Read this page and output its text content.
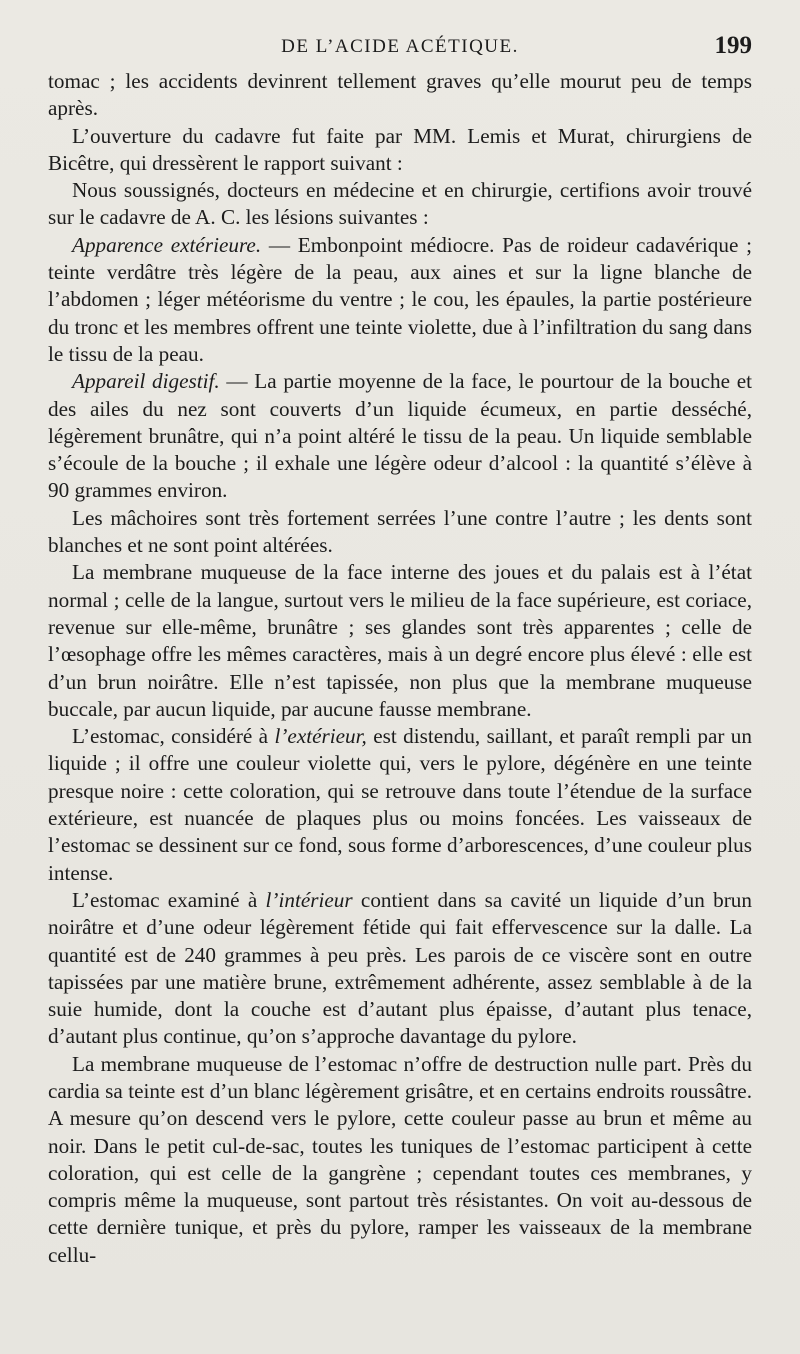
DE L’ACIDE ACÉTIQUE.	199

tomac ; les accidents devinrent tellement graves qu’elle mourut peu de temps après.

L’ouverture du cadavre fut faite par MM. Lemis et Murat, chirurgiens de Bicêtre, qui dressèrent le rapport suivant :

Nous soussignés, docteurs en médecine et en chirurgie, certifions avoir trouvé sur le cadavre de A. C. les lésions suivantes :

Apparence extérieure. — Embonpoint médiocre. Pas de roideur cadavérique ; teinte verdâtre très légère de la peau, aux aines et sur la ligne blanche de l’abdomen ; léger météorisme du ventre ; le cou, les épaules, la partie postérieure du tronc et les membres offrent une teinte violette, due à l’infiltration du sang dans le tissu de la peau.

Appareil digestif. — La partie moyenne de la face, le pourtour de la bouche et des ailes du nez sont couverts d’un liquide écumeux, en partie desséché, légèrement brunâtre, qui n’a point altéré le tissu de la peau. Un liquide semblable s’écoule de la bouche ; il exhale une légère odeur d’alcool : la quantité s’élève à 90 grammes environ.

Les mâchoires sont très fortement serrées l’une contre l’autre ; les dents sont blanches et ne sont point altérées.

La membrane muqueuse de la face interne des joues et du palais est à l’état normal ; celle de la langue, surtout vers le milieu de la face supérieure, est coriace, revenue sur elle-même, brunâtre ; ses glandes sont très apparentes ; celle de l’œsophage offre les mêmes caractères, mais à un degré encore plus élevé : elle est d’un brun noirâtre. Elle n’est tapissée, non plus que la membrane muqueuse buccale, par aucun liquide, par aucune fausse membrane.

L’estomac, considéré à l’extérieur, est distendu, saillant, et paraît rempli par un liquide ; il offre une couleur violette qui, vers le pylore, dégénère en une teinte presque noire : cette coloration, qui se retrouve dans toute l’étendue de la surface extérieure, est nuancée de plaques plus ou moins foncées. Les vaisseaux de l’estomac se dessinent sur ce fond, sous forme d’arborescences, d’une couleur plus intense.

L’estomac examiné à l’intérieur contient dans sa cavité un liquide d’un brun noirâtre et d’une odeur légèrement fétide qui fait effervescence sur la dalle. La quantité est de 240 grammes à peu près. Les parois de ce viscère sont en outre tapissées par une matière brune, extrêmement adhérente, assez semblable à de la suie humide, dont la couche est d’autant plus épaisse, d’autant plus tenace, d’autant plus continue, qu’on s’approche davantage du pylore.

La membrane muqueuse de l’estomac n’offre de destruction nulle part. Près du cardia sa teinte est d’un blanc légèrement grisâtre, et en certains endroits roussâtre. A mesure qu’on descend vers le pylore, cette couleur passe au brun et même au noir. Dans le petit cul-de-sac, toutes les tuniques de l’estomac participent à cette coloration, qui est celle de la gangrène ; cependant toutes ces membranes, y compris même la muqueuse, sont partout très résistantes. On voit au-dessous de cette dernière tunique, et près du pylore, ramper les vaisseaux de la membrane cellu-
